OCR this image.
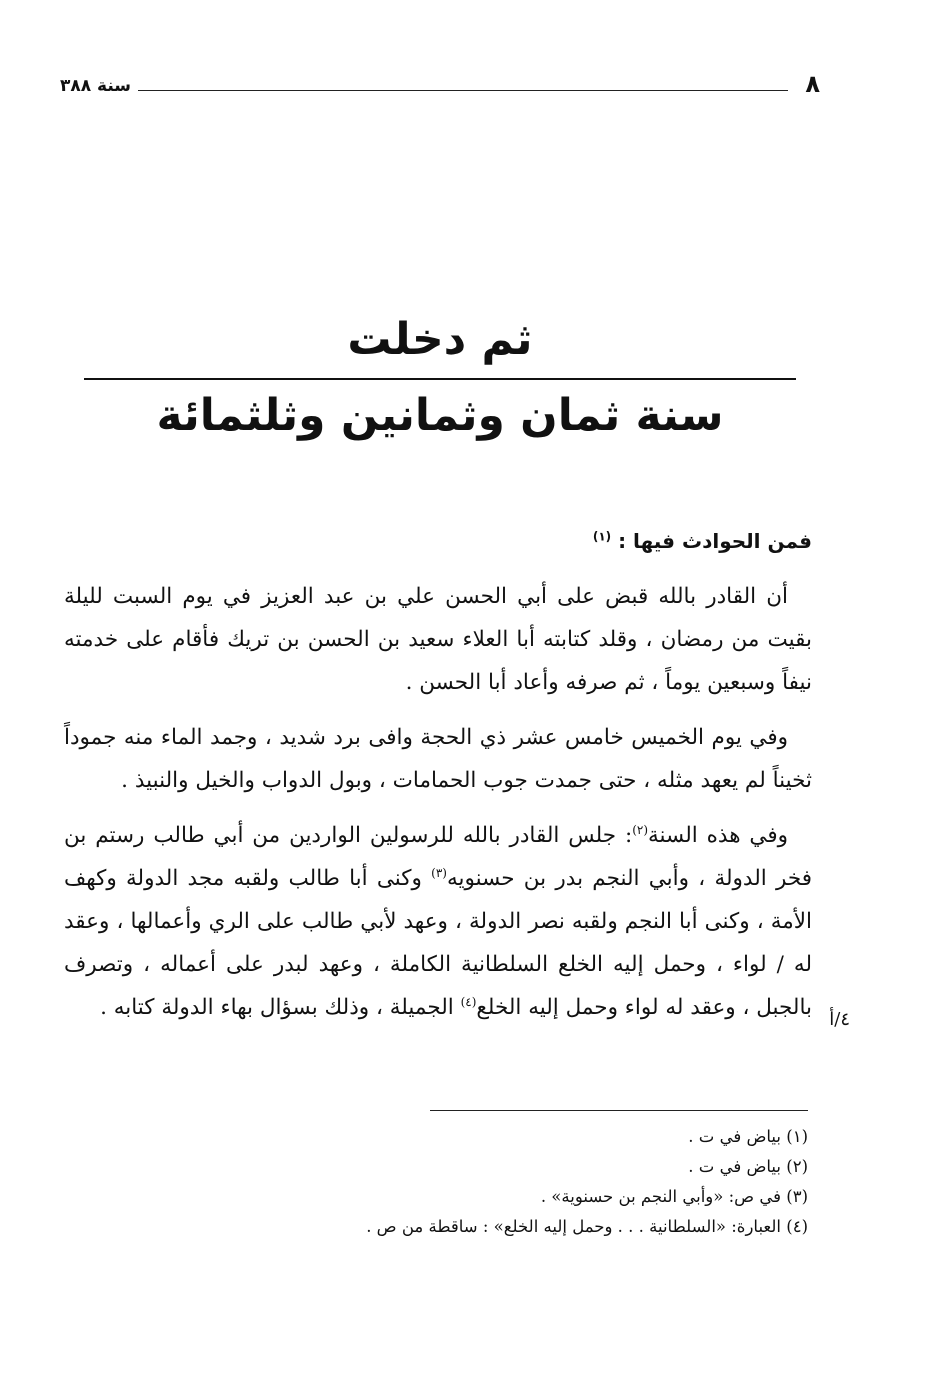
سنة ٣٨٨	٨
ثم دخلت
سنة ثمان وثمانين وثلثمائة

فمن الحوادث فيها : $^{(١)}$

أن القادر بالله قبض على أبي الحسن علي بن عبد العزيز في يوم السبت لليلة بقيت من رمضان ، وقلد كتابته أبا العلاء سعيد بن الحسن بن تريك فأقام على خدمته نيفاً وسبعين يوماً ، ثم صرفه وأعاد أبا الحسن .

وفي يوم الخميس خامس عشر ذي الحجة وافى برد شديد ، وجمد الماء منه جموداً ثخيناً لم يعهد مثله ، حتى جمدت جوب الحمامات ، وبول الدواب والخيل والنبيذ .

وفي هذه السنة$^{(٢)}$: جلس القادر بالله للرسولين الواردين من أبي طالب رستم بن فخر الدولة ، وأبي النجم بدر بن حسنويه$^{(٣)}$ وكنى أبا طالب ولقبه مجد الدولة وكهف الأمة ، وكنى أبا النجم ولقبه نصر الدولة ، وعهد لأبي طالب على الري وأعمالها ، وعقد له / لواء ، وحمل إليه الخلع السلطانية الكاملة ، وعهد لبدر على أعماله ، وتصرف بالجبل ، وعقد له لواء وحمل إليه الخلع$^{(٤)}$ الجميلة ، وذلك بسؤال بهاء الدولة كتابه .	٤/أ

(١) بياض في ت .

(٢) بياض في ت .

(٣) في ص: «وأبي النجم بن حسنوية» .

(٤) العبارة: «السلطانية . . . وحمل إليه الخلع» : ساقطة من ص .
